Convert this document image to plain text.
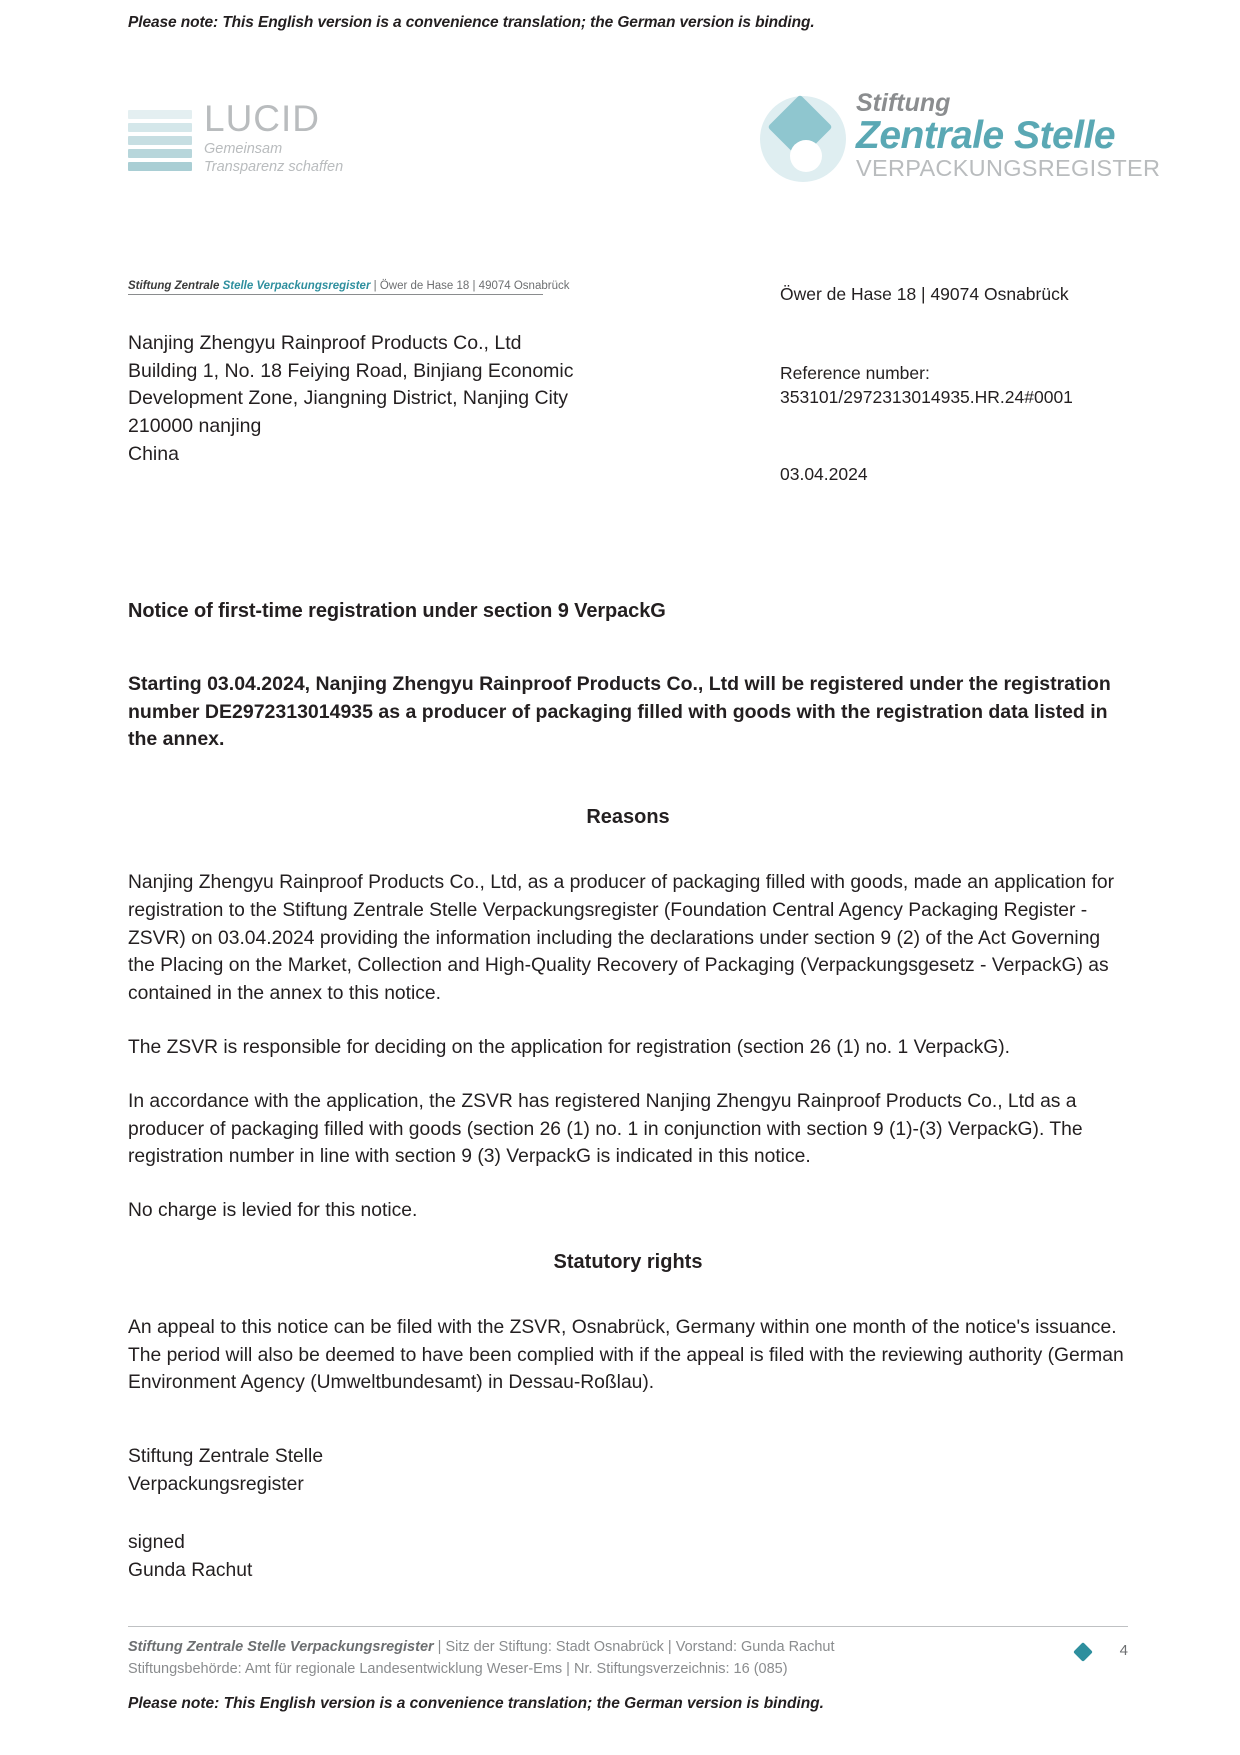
Please note: This English version is a convenience translation; the German version is binding.
LUCID
Gemeinsam
Transparenz schaffen
Stiftung
Zentrale Stelle
VERPACKUNGSREGISTER
Stiftung Zentrale Stelle Verpackungsregister | Öwer de Hase 18 | 49074 Osnabrück
Nanjing Zhengyu Rainproof Products Co., Ltd
Building 1, No. 18 Feiying Road, Binjiang Economic
Development Zone, Jiangning District, Nanjing City
210000 nanjing
China
Öwer de Hase 18 | 49074 Osnabrück
Reference number:
353101/2972313014935.HR.24#0001
03.04.2024
Notice of first-time registration under section 9 VerpackG

Starting 03.04.2024, Nanjing Zhengyu Rainproof Products Co., Ltd will be registered under the registration number DE2972313014935 as a producer of packaging filled with goods with the registration data listed in the annex.

Reasons

Nanjing Zhengyu Rainproof Products Co., Ltd, as a producer of packaging filled with goods, made an application for registration to the Stiftung Zentrale Stelle Verpackungsregister (Foundation Central Agency Packaging Register - ZSVR) on 03.04.2024 providing the information including the declarations under section 9 (2) of the Act Governing the Placing on the Market, Collection and High-Quality Recovery of Packaging (Verpackungsgesetz - VerpackG) as contained in the annex to this notice.

The ZSVR is responsible for deciding on the application for registration (section 26 (1) no. 1 VerpackG).

In accordance with the application, the ZSVR has registered Nanjing Zhengyu Rainproof Products Co., Ltd as a producer of packaging filled with goods (section 26 (1) no. 1 in conjunction with section 9 (1)-(3) VerpackG). The registration number in line with section 9 (3) VerpackG is indicated in this notice.

No charge is levied for this notice.

Statutory rights

An appeal to this notice can be filed with the ZSVR, Osnabrück, Germany within one month of the notice's issuance. The period will also be deemed to have been complied with if the appeal is filed with the reviewing authority (German Environment Agency (Umweltbundesamt) in Dessau-Roßlau).

Stiftung Zentrale Stelle

Verpackungsregister

signed

Gunda Rachut

Stiftung Zentrale Stelle Verpackungsregister | Sitz der Stiftung: Stadt Osnabrück | Vorstand: Gunda Rachut
Stiftungsbehörde: Amt für regionale Landesentwicklung Weser-Ems | Nr. Stiftungsverzeichnis: 16 (085)
4
Please note: This English version is a convenience translation; the German version is binding.
